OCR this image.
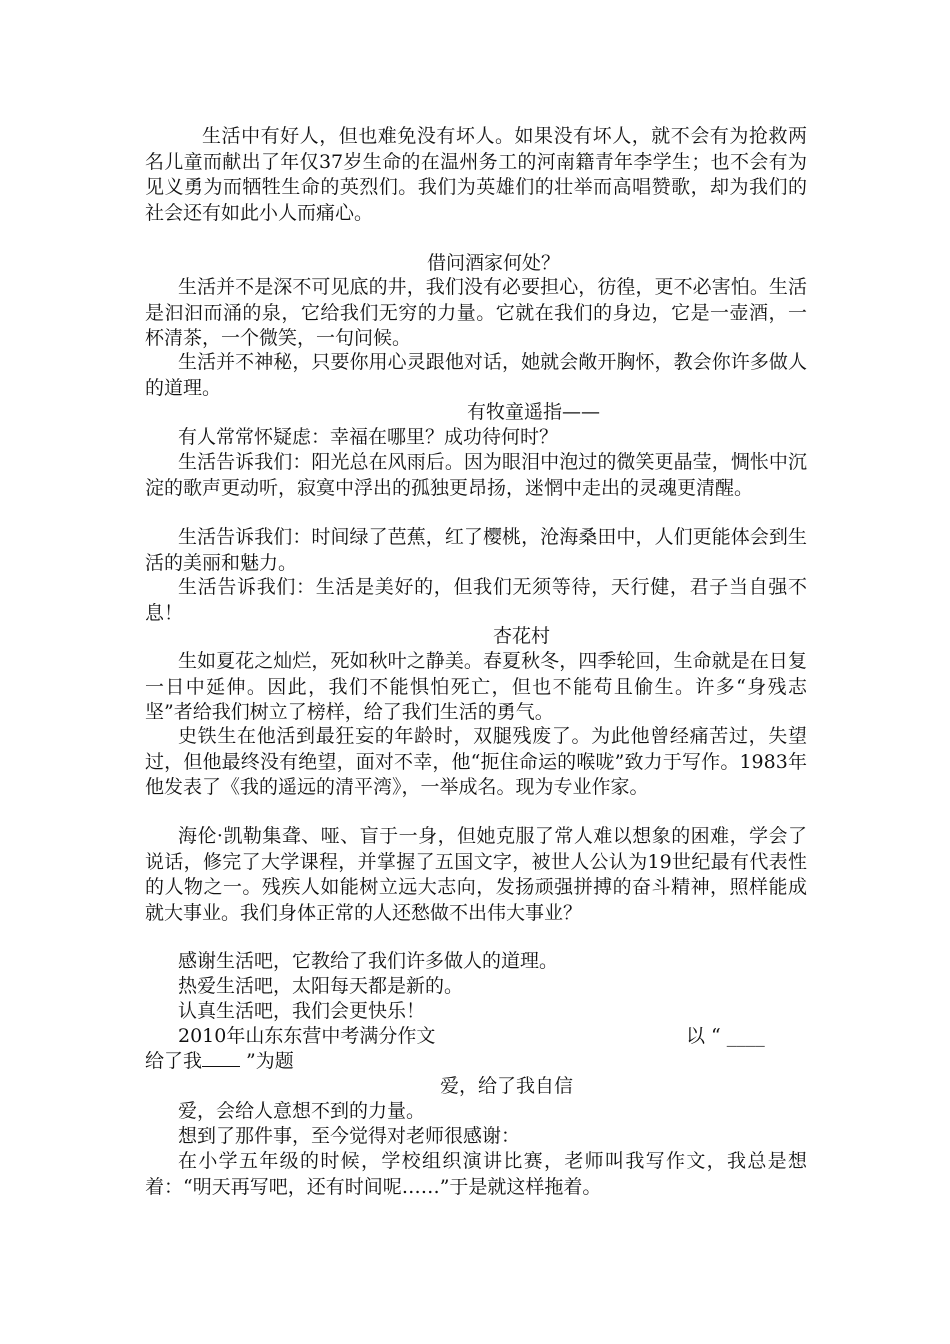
生活中有好人，但也难免没有坏人。如果没有坏人，就不会有为抢救两名儿童而献出了年仅37岁生命的在温州务工的河南籍青年李学生；也不会有为见义勇为而牺牲生命的英烈们。我们为英雄们的壮举而高唱赞歌，却为我们的社会还有如此小人而痛心。

借问酒家何处？

生活并不是深不可见底的井，我们没有必要担心，彷徨，更不必害怕。生活是汩汩而涌的泉，它给我们无穷的力量。它就在我们的身边，它是一壶酒，一杯清茶，一个微笑，一句问候。

生活并不神秘，只要你用心灵跟他对话，她就会敞开胸怀，教会你许多做人的道理。

有牧童遥指——

有人常常怀疑虑：幸福在哪里？成功待何时？

生活告诉我们：阳光总在风雨后。因为眼泪中泡过的微笑更晶莹，惆怅中沉淀的歌声更动听，寂寞中浮出的孤独更昂扬，迷惘中走出的灵魂更清醒。

生活告诉我们：时间绿了芭蕉，红了樱桃，沧海桑田中，人们更能体会到生活的美丽和魅力。

生活告诉我们：生活是美好的，但我们无须等待，天行健，君子当自强不息！

杏花村

生如夏花之灿烂，死如秋叶之静美。春夏秋冬，四季轮回，生命就是在日复一日中延伸。因此，我们不能惧怕死亡，但也不能苟且偷生。许多“身残志坚”者给我们树立了榜样，给了我们生活的勇气。

史铁生在他活到最狂妄的年龄时，双腿残废了。为此他曾经痛苦过，失望过，但他最终没有绝望，面对不幸，他“扼住命运的喉咙”致力于写作。1983年他发表了《我的遥远的清平湾》，一举成名。现为专业作家。

海伦·凯勒集聋、哑、盲于一身，但她克服了常人难以想象的困难，学会了说话，修完了大学课程，并掌握了五国文字，被世人公认为19世纪最有代表性的人物之一。残疾人如能树立远大志向，发扬顽强拼搏的奋斗精神，照样能成就大事业。我们身体正常的人还愁做不出伟大事业？

感谢生活吧，它教给了我们许多做人的道理。

热爱生活吧，太阳每天都是新的。

认真生活吧，我们会更快乐！

2010年山东东营中考满分作文	以 “ ____

给了我 ”为题

爱，给了我自信

爱，会给人意想不到的力量。

想到了那件事，至今觉得对老师很感谢：

在小学五年级的时候，学校组织演讲比赛，老师叫我写作文，我总是想着：“明天再写吧，还有时间呢……”于是就这样拖着。
